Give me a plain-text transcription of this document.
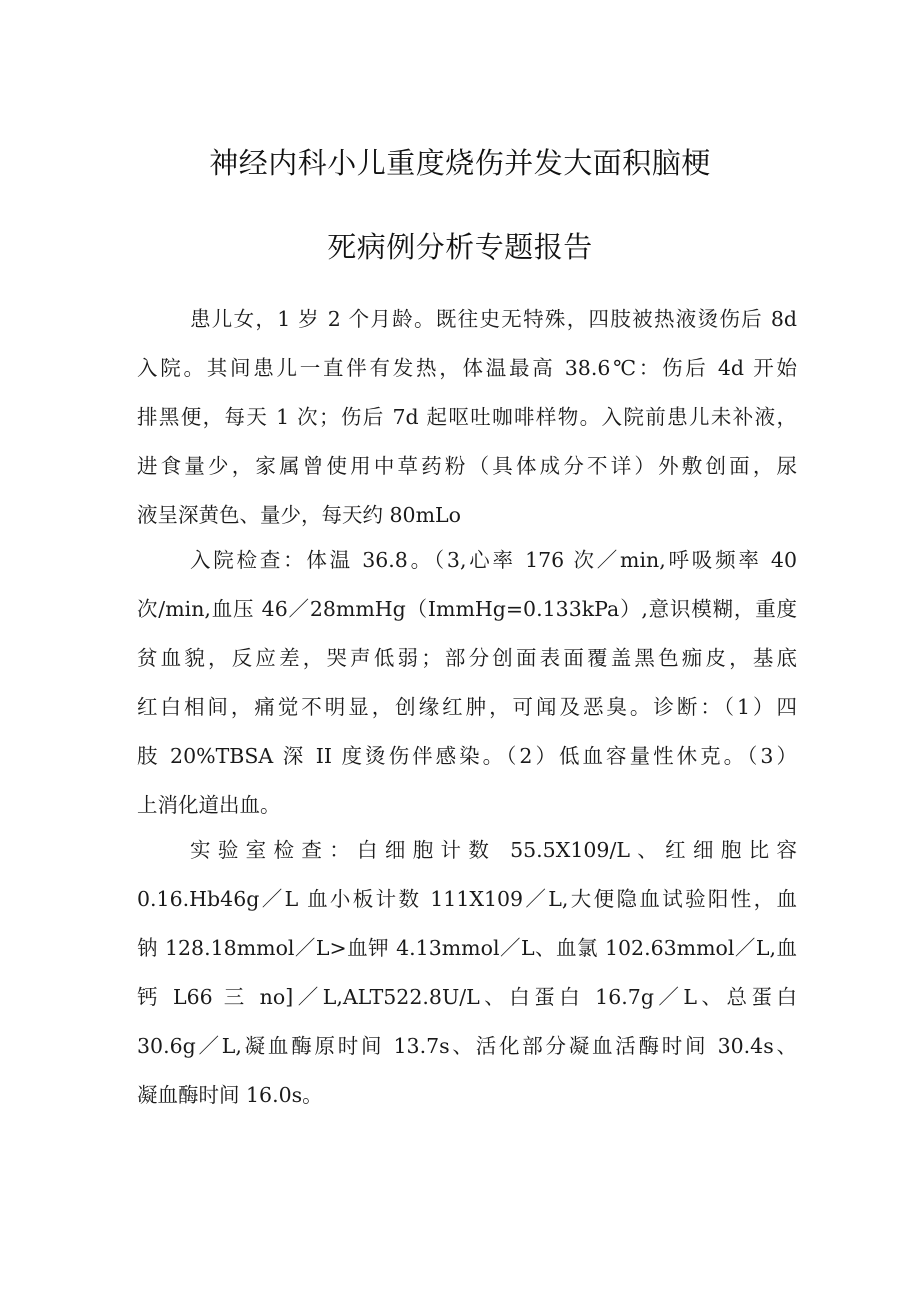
神经内科小儿重度烧伤并发大面积脑梗
死病例分析专题报告
患儿女，1 岁 2 个月龄。既往史无特殊，四肢被热液烫伤后 8d
入院。其间患儿一直伴有发热，体温最高 38.6℃：伤后 4d 开始
排黑便，每天 1 次；伤后 7d 起呕吐咖啡样物。入院前患儿未补液，
进食量少，家属曾使用中草药粉（具体成分不详）外敷创面，尿
液呈深黄色、量少，每天约 80mLo
入院检查：体温 36.8。（3,心率 176 次／min,呼吸频率 40
次/min,血压 46／28mmHg（ImmHg=0.133kPa）,意识模糊，重度
贫血貌，反应差，哭声低弱；部分创面表面覆盖黑色痂皮，基底
红白相间，痛觉不明显，创缘红肿，可闻及恶臭。诊断：（1）四
肢 20%TBSA 深 II 度烫伤伴感染。（2）低血容量性休克。（3）
上消化道出血。
实验室检查：白细胞计数 55.5X109/L、红细胞比容
0.16.Hb46g／L 血小板计数 111X109／L,大便隐血试验阳性，血
钠 128.18mmol／L>血钾 4.13mmol／L、血氯 102.63mmol／L,血
钙 L66 三 no]／L,ALT522.8U/L、白蛋白 16.7g／L、总蛋白
30.6g／L,凝血酶原时间 13.7s、活化部分凝血活酶时间 30.4s、
凝血酶时间 16.0s。
